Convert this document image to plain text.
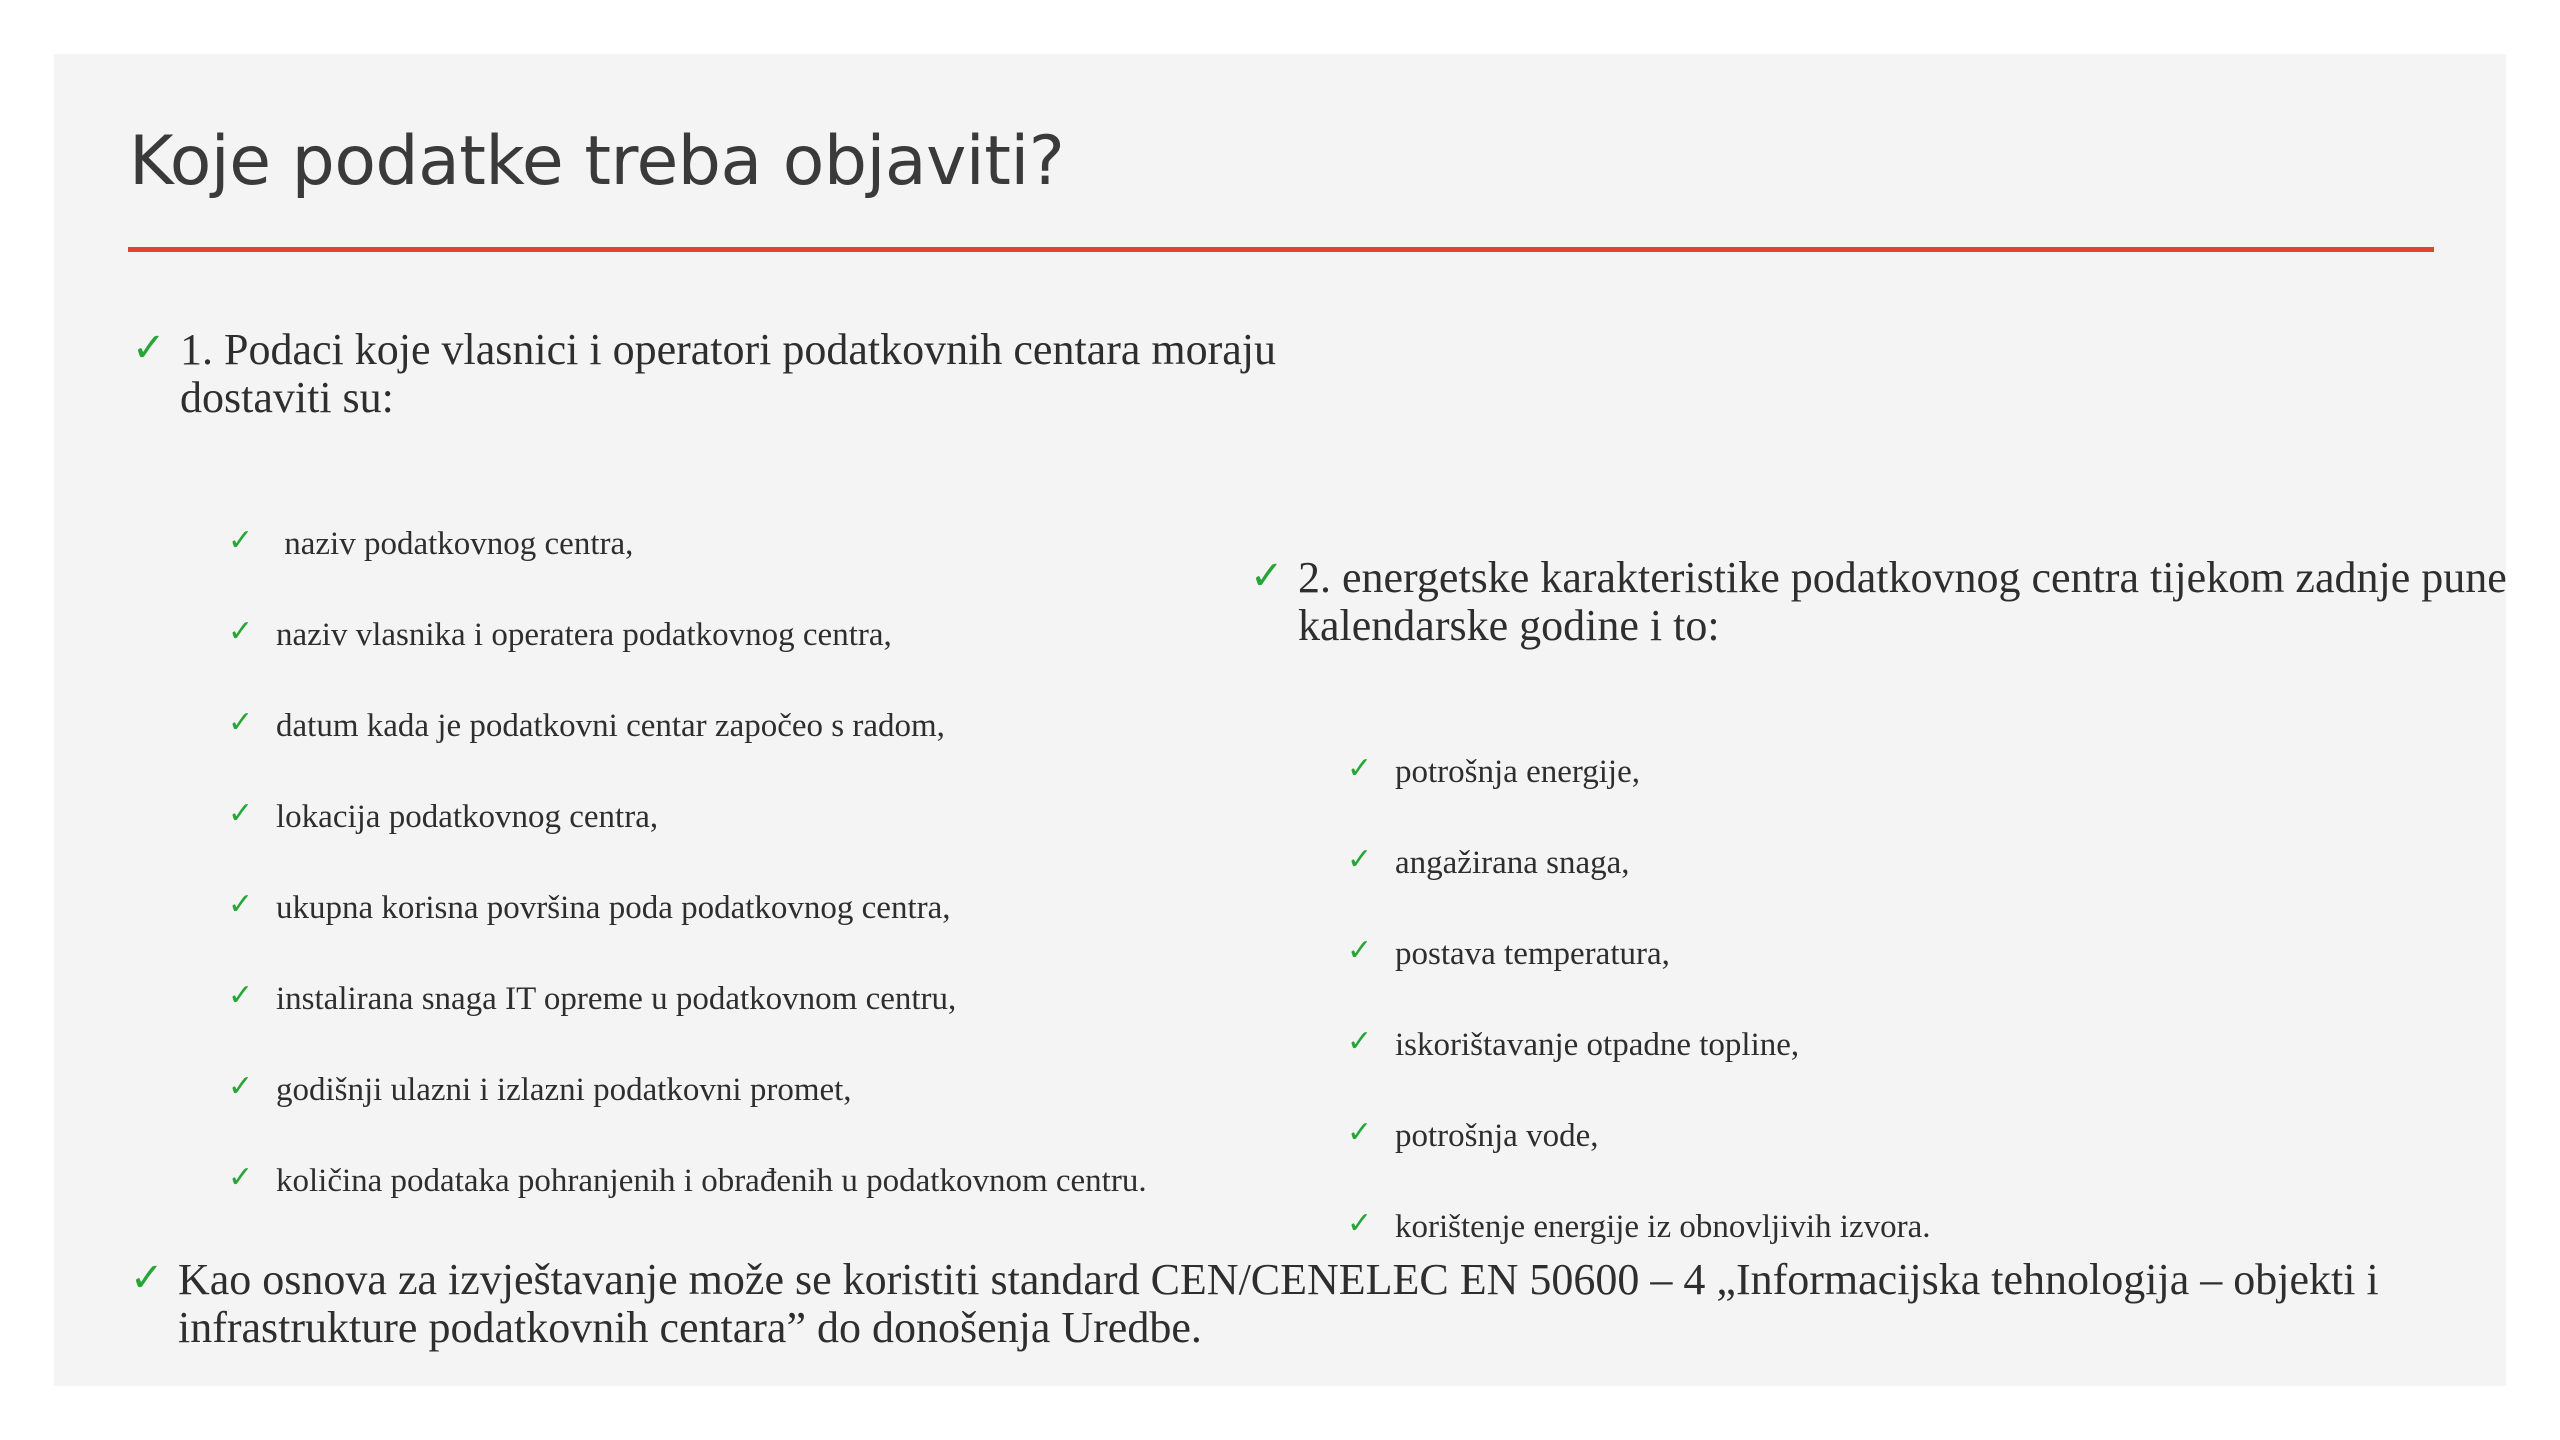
Koje podatke treba objaviti?
✓ 1. Podaci koje vlasnici i operatori podatkovnih centara moraju dostaviti su:
✓ naziv podatkovnog centra,
✓ naziv vlasnika i operatera podatkovnog centra,
✓ datum kada je podatkovni centar započeo s radom,
✓ lokacija podatkovnog centra,
✓ ukupna korisna površina poda podatkovnog centra,
✓ instalirana snaga IT opreme u podatkovnom centru,
✓ godišnji ulazni i izlazni podatkovni promet,
✓ količina podataka pohranjenih i obrađenih u podatkovnom centru.
✓ 2. energetske karakteristike podatkovnog centra tijekom zadnje pune kalendarske godine i to:
✓ potrošnja energije,
✓ angažirana snaga,
✓ postava temperatura,
✓ iskorištavanje otpadne topline,
✓ potrošnja vode,
✓ korištenje energije iz obnovljivih izvora.
✓ Kao osnova za izvještavanje može se koristiti standard CEN/CENELEC EN 50600 – 4 „Informacijska tehnologija – objekti i infrastrukture podatkovnih centara” do donošenja Uredbe.
